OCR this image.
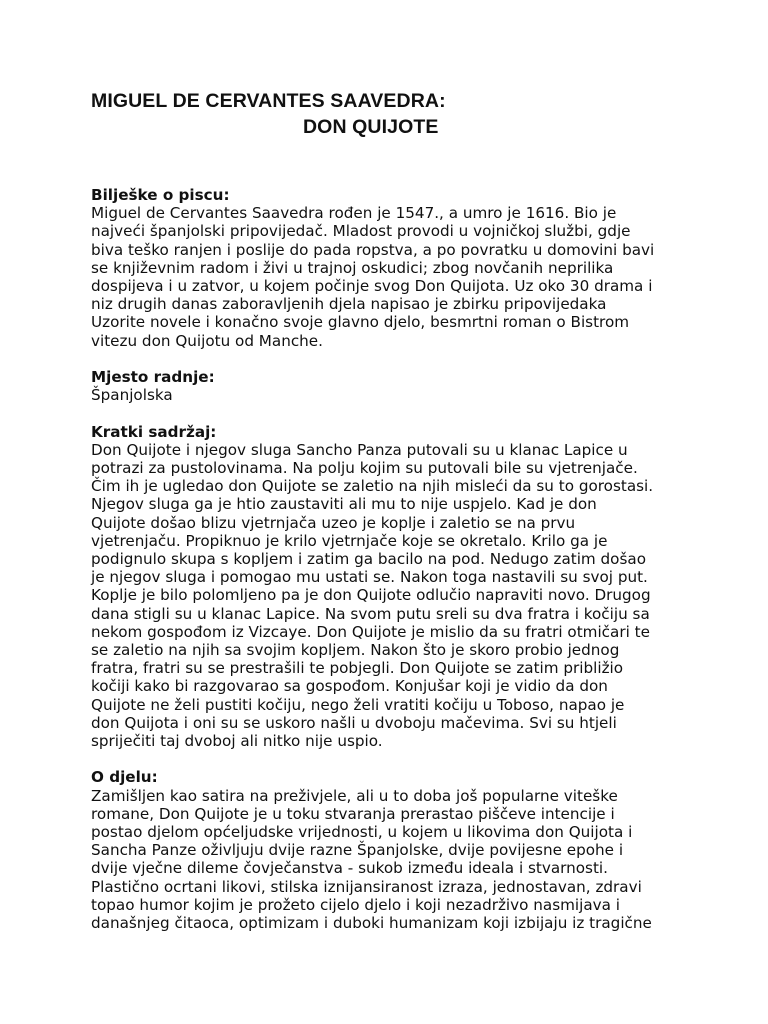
MIGUEL DE CERVANTES SAAVEDRA:
DON QUIJOTE
Bilješke o piscu:
Miguel de Cervantes Saavedra rođen je 1547., a umro je 1616. Bio je
najveći španjolski pripovijedač. Mladost provodi u vojničkoj službi, gdje
biva teško ranjen i poslije do pada ropstva, a po povratku u domovini bavi
se književnim radom i živi u trajnoj oskudici; zbog novčanih neprilika
dospijeva i u zatvor, u kojem počinje svog Don Quijota. Uz oko 30 drama i
niz drugih danas zaboravljenih djela napisao je zbirku pripovijedaka
Uzorite novele i konačno svoje glavno djelo, besmrtni roman o Bistrom
vitezu don Quijotu od Manche.
Mjesto radnje:
Španjolska
Kratki sadržaj:
Don Quijote i njegov sluga Sancho Panza putovali su u klanac Lapice u
potrazi za pustolovinama. Na polju kojim su putovali bile su vjetrenjače.
Čim ih je ugledao don Quijote se zaletio na njih misleći da su to gorostasi.
Njegov sluga ga je htio zaustaviti ali mu to nije uspjelo. Kad je don
Quijote došao blizu vjetrnjača uzeo je koplje i zaletio se na prvu
vjetrenjaču. Propiknuo je krilo vjetrnjače koje se okretalo. Krilo ga je
podignulo skupa s kopljem i zatim ga bacilo na pod. Nedugo zatim došao
je njegov sluga i pomogao mu ustati se. Nakon toga nastavili su svoj put.
Koplje je bilo polomljeno pa je don Quijote odlučio napraviti novo. Drugog
dana stigli su u klanac Lapice. Na svom putu sreli su dva fratra i kočiju sa
nekom gospođom iz Vizcaye. Don Quijote je mislio da su fratri otmičari te
se zaletio na njih sa svojim kopljem. Nakon što je skoro probio jednog
fratra, fratri su se prestrašili te pobjegli. Don Quijote se zatim približio
kočiji kako bi razgovarao sa gospođom. Konjušar koji je vidio da don
Quijote ne želi pustiti kočiju, nego želi vratiti kočiju u Toboso, napao je
don Quijota i oni su se uskoro našli u dvoboju mačevima. Svi su htjeli
spriječiti taj dvoboj ali nitko nije uspio.
O djelu:
Zamišljen kao satira na preživjele, ali u to doba još popularne viteške
romane, Don Quijote je u toku stvaranja prerastao piščeve intencije i
postao djelom općeljudske vrijednosti, u kojem u likovima don Quijota i
Sancha Panze oživljuju dvije razne Španjolske, dvije povijesne epohe i
dvije vječne dileme čovječanstva - sukob između ideala i stvarnosti.
Plastično ocrtani likovi, stilska iznijansiranost izraza, jednostavan, zdravi
topao humor kojim je prožeto cijelo djelo i koji nezadrživo nasmijava i
današnjeg čitaoca, optimizam i duboki humanizam koji izbijaju iz tragične
